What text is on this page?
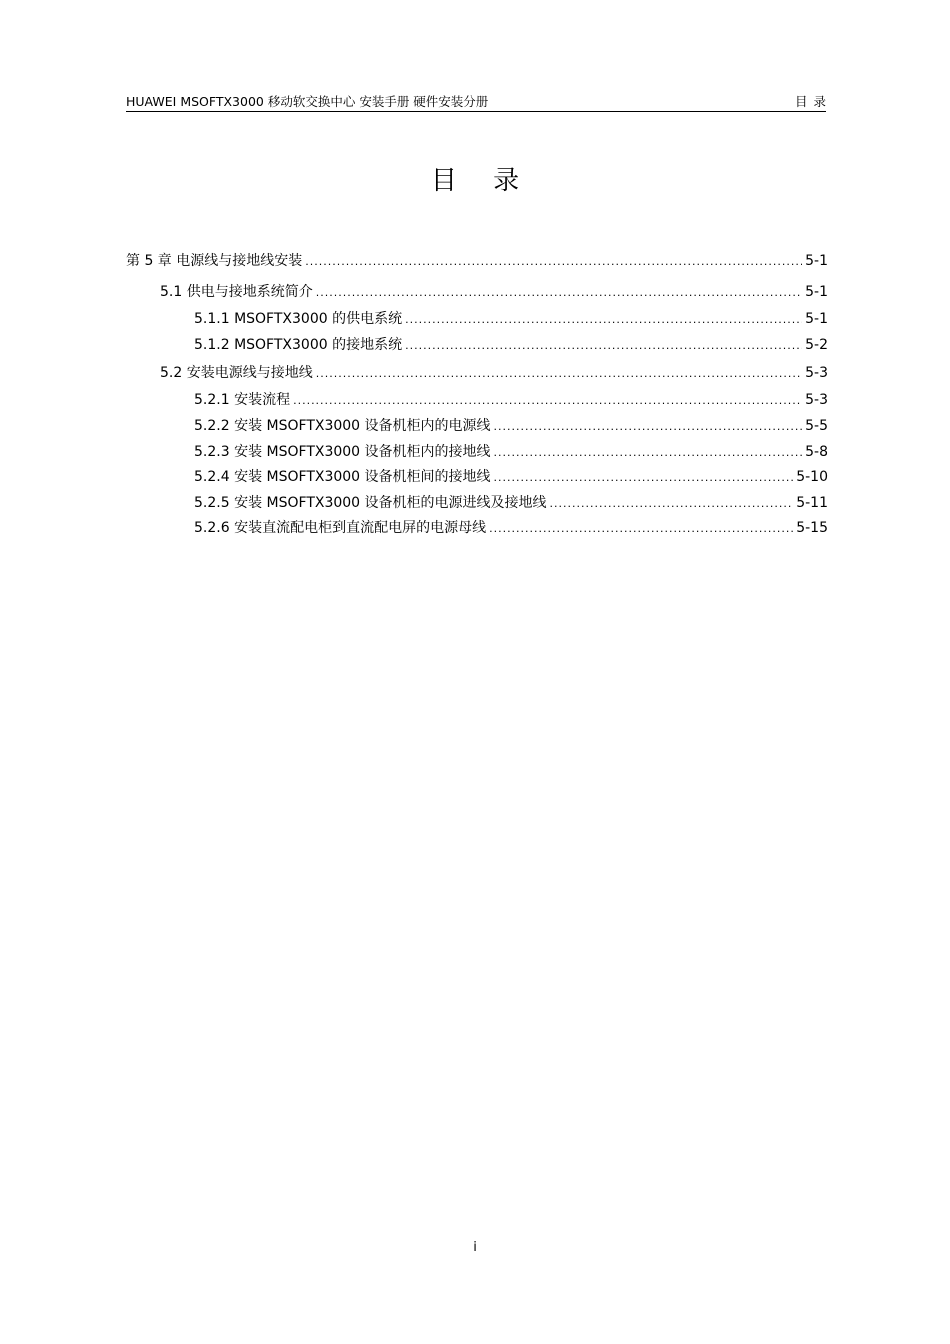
HUAWEI MSOFTX3000 移动软交换中心 安装手册 硬件安装分册	目录
目 录
第 5 章 电源线与接地线安装 .....	5-1
5.1 供电与接地系统简介 .....	5-1
5.1.1 MSOFTX3000 的供电系统 .....	5-1
5.1.2 MSOFTX3000 的接地系统 .....	5-2
5.2 安装电源线与接地线 .....	5-3
5.2.1 安装流程 .....	5-3
5.2.2 安装 MSOFTX3000 设备机柜内的电源线 .....	5-5
5.2.3 安装 MSOFTX3000 设备机柜内的接地线 .....	5-8
5.2.4 安装 MSOFTX3000 设备机柜间的接地线 .....	5-10
5.2.5 安装 MSOFTX3000 设备机柜的电源进线及接地线 .....	5-11
5.2.6 安装直流配电柜到直流配电屏的电源母线 .....	5-15
i
